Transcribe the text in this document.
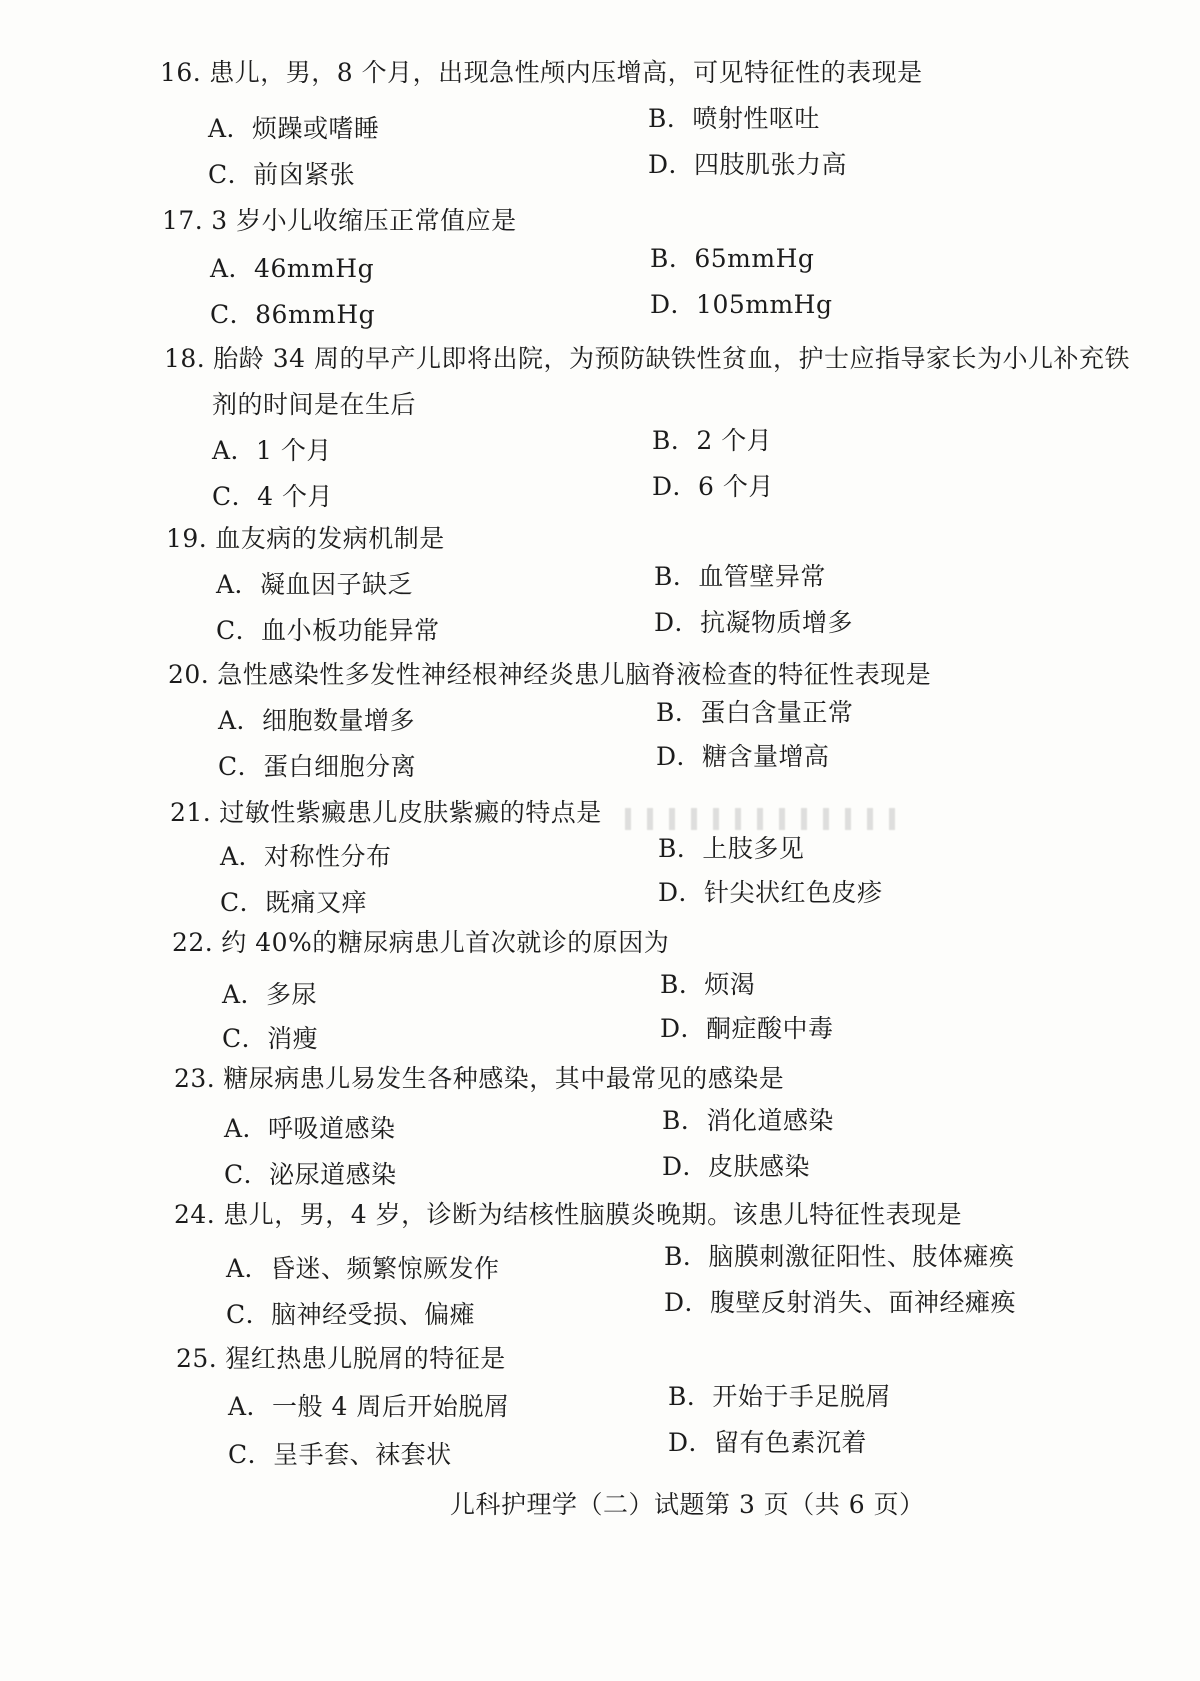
16. 患儿，男，8 个月，出现急性颅内压增高，可见特征性的表现是
A．烦躁或嗜睡	B．喷射性呕吐
C．前囟紧张	D．四肢肌张力高
17. 3 岁小儿收缩压正常值应是
A．46mmHg	B．65mmHg
C．86mmHg	D．105mmHg
18. 胎龄 34 周的早产儿即将出院，为预防缺铁性贫血，护士应指导家长为小儿补充铁
剂的时间是在生后
A．1 个月	B．2 个月
C．4 个月	D．6 个月
19. 血友病的发病机制是
A．凝血因子缺乏	B．血管壁异常
C．血小板功能异常	D．抗凝物质增多
20. 急性感染性多发性神经根神经炎患儿脑脊液检查的特征性表现是
A．细胞数量增多	B．蛋白含量正常
C．蛋白细胞分离	D．糖含量增高
21. 过敏性紫癜患儿皮肤紫癜的特点是
A．对称性分布	B．上肢多见
C．既痛又痒	D．针尖状红色皮疹
22. 约 40%的糖尿病患儿首次就诊的原因为
A．多尿	B．烦渴
C．消瘦	D．酮症酸中毒
23. 糖尿病患儿易发生各种感染，其中最常见的感染是
A．呼吸道感染	B．消化道感染
C．泌尿道感染	D．皮肤感染
24. 患儿，男，4 岁，诊断为结核性脑膜炎晚期。该患儿特征性表现是
A．昏迷、频繁惊厥发作	B．脑膜刺激征阳性、肢体瘫痪
C．脑神经受损、偏瘫	D．腹壁反射消失、面神经瘫痪
25. 猩红热患儿脱屑的特征是
A．一般 4 周后开始脱屑	B．开始于手足脱屑
C．呈手套、袜套状	D．留有色素沉着
儿科护理学（二）试题第 3 页（共 6 页）
